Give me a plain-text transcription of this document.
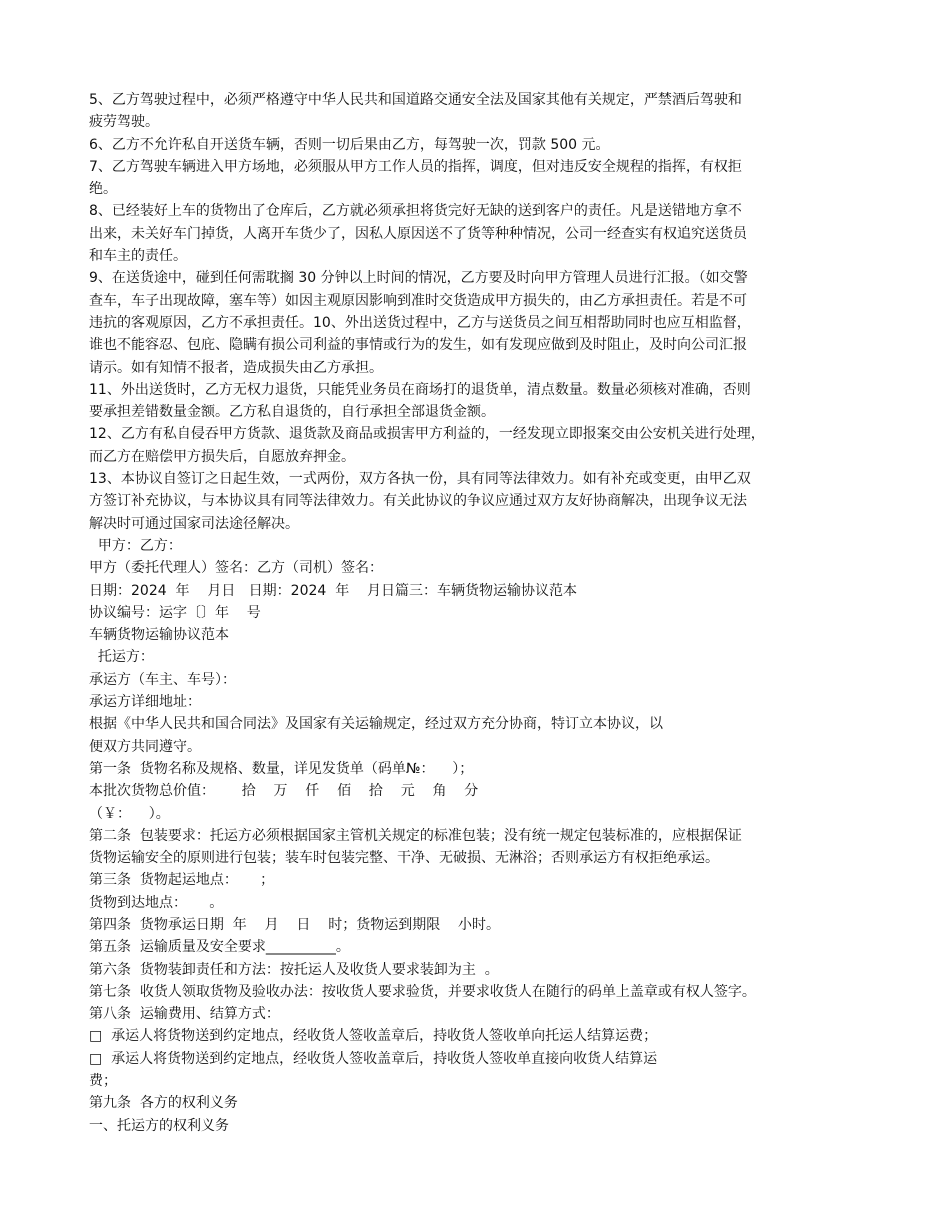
5、乙方驾驶过程中，必须严格遵守中华人民共和国道路交通安全法及国家其他有关规定，严禁酒后驾驶和
疲劳驾驶。
6、乙方不允许私自开送货车辆，否则一切后果由乙方，每驾驶一次，罚款 500 元。
7、乙方驾驶车辆进入甲方场地，必须服从甲方工作人员的指挥，调度，但对违反安全规程的指挥，有权拒
绝。
8、已经装好上车的货物出了仓库后，乙方就必须承担将货完好无缺的送到客户的责任。凡是送错地方拿不
出来，未关好车门掉货，人离开车货少了，因私人原因送不了货等种种情况，公司一经查实有权追究送货员
和车主的责任。
9、在送货途中，碰到任何需耽搁 30 分钟以上时间的情况，乙方要及时向甲方管理人员进行汇报。（如交警
查车，车子出现故障，塞车等）如因主观原因影响到准时交货造成甲方损失的，由乙方承担责任。若是不可
违抗的客观原因，乙方不承担责任。10、外出送货过程中，乙方与送货员之间互相帮助同时也应互相监督，
谁也不能容忍、包庇、隐瞒有损公司利益的事情或行为的发生，如有发现应做到及时阻止，及时向公司汇报
请示。如有知情不报者，造成损失由乙方承担。
11、外出送货时，乙方无权力退货，只能凭业务员在商场打的退货单，清点数量。数量必须核对准确，否则
要承担差错数量金额。乙方私自退货的，自行承担全部退货金额。
12、乙方有私自侵吞甲方货款、退货款及商品或损害甲方利益的，一经发现立即报案交由公安机关进行处理，
而乙方在赔偿甲方损失后，自愿放弃押金。
13、本协议自签订之日起生效，一式两份，双方各执一份，具有同等法律效力。如有补充或变更，由甲乙双
方签订补充协议，与本协议具有同等法律效力。有关此协议的争议应通过双方友好协商解决，出现争议无法
解决时可通过国家司法途径解决。
甲方：乙方：
甲方（委托代理人）签名：乙方（司机）签名：
日期：2024  年    月日   日期：2024  年    月日篇三：车辆货物运输协议范本
协议编号：运字〔〕年    号
车辆货物运输协议范本
托运方：
承运方（车主、车号）：
承运方详细地址：
根据《中华人民共和国合同法》及国家有关运输规定，经过双方充分协商，特订立本协议，以
便双方共同遵守。
第一条  货物名称及规格、数量，详见发货单（码单№：    ）；
本批次货物总价值：      拾    万    仟    佰    拾    元    角    分
（￥：    ）。
第二条  包装要求：托运方必须根据国家主管机关规定的标准包装；没有统一规定包装标准的，应根据保证
货物运输安全的原则进行包装；装车时包装完整、干净、无破损、无淋浴；否则承运方有权拒绝承运。
第三条  货物起运地点：     ；
货物到达地点：     。
第四条  货物承运日期  年    月    日    时；货物运到期限    小时。
第五条  运输质量及安全要求__________。
第六条  货物装卸责任和方法：按托运人及收货人要求装卸为主  。
第七条  收货人领取货物及验收办法：按收货人要求验货，并要求收货人在随行的码单上盖章或有权人签字。
第八条  运输费用、结算方式：
□  承运人将货物送到约定地点，经收货人签收盖章后，持收货人签收单向托运人结算运费；
□  承运人将货物送到约定地点，经收货人签收盖章后，持收货人签收单直接向收货人结算运
费；
第九条  各方的权利义务
一、托运方的权利义务
